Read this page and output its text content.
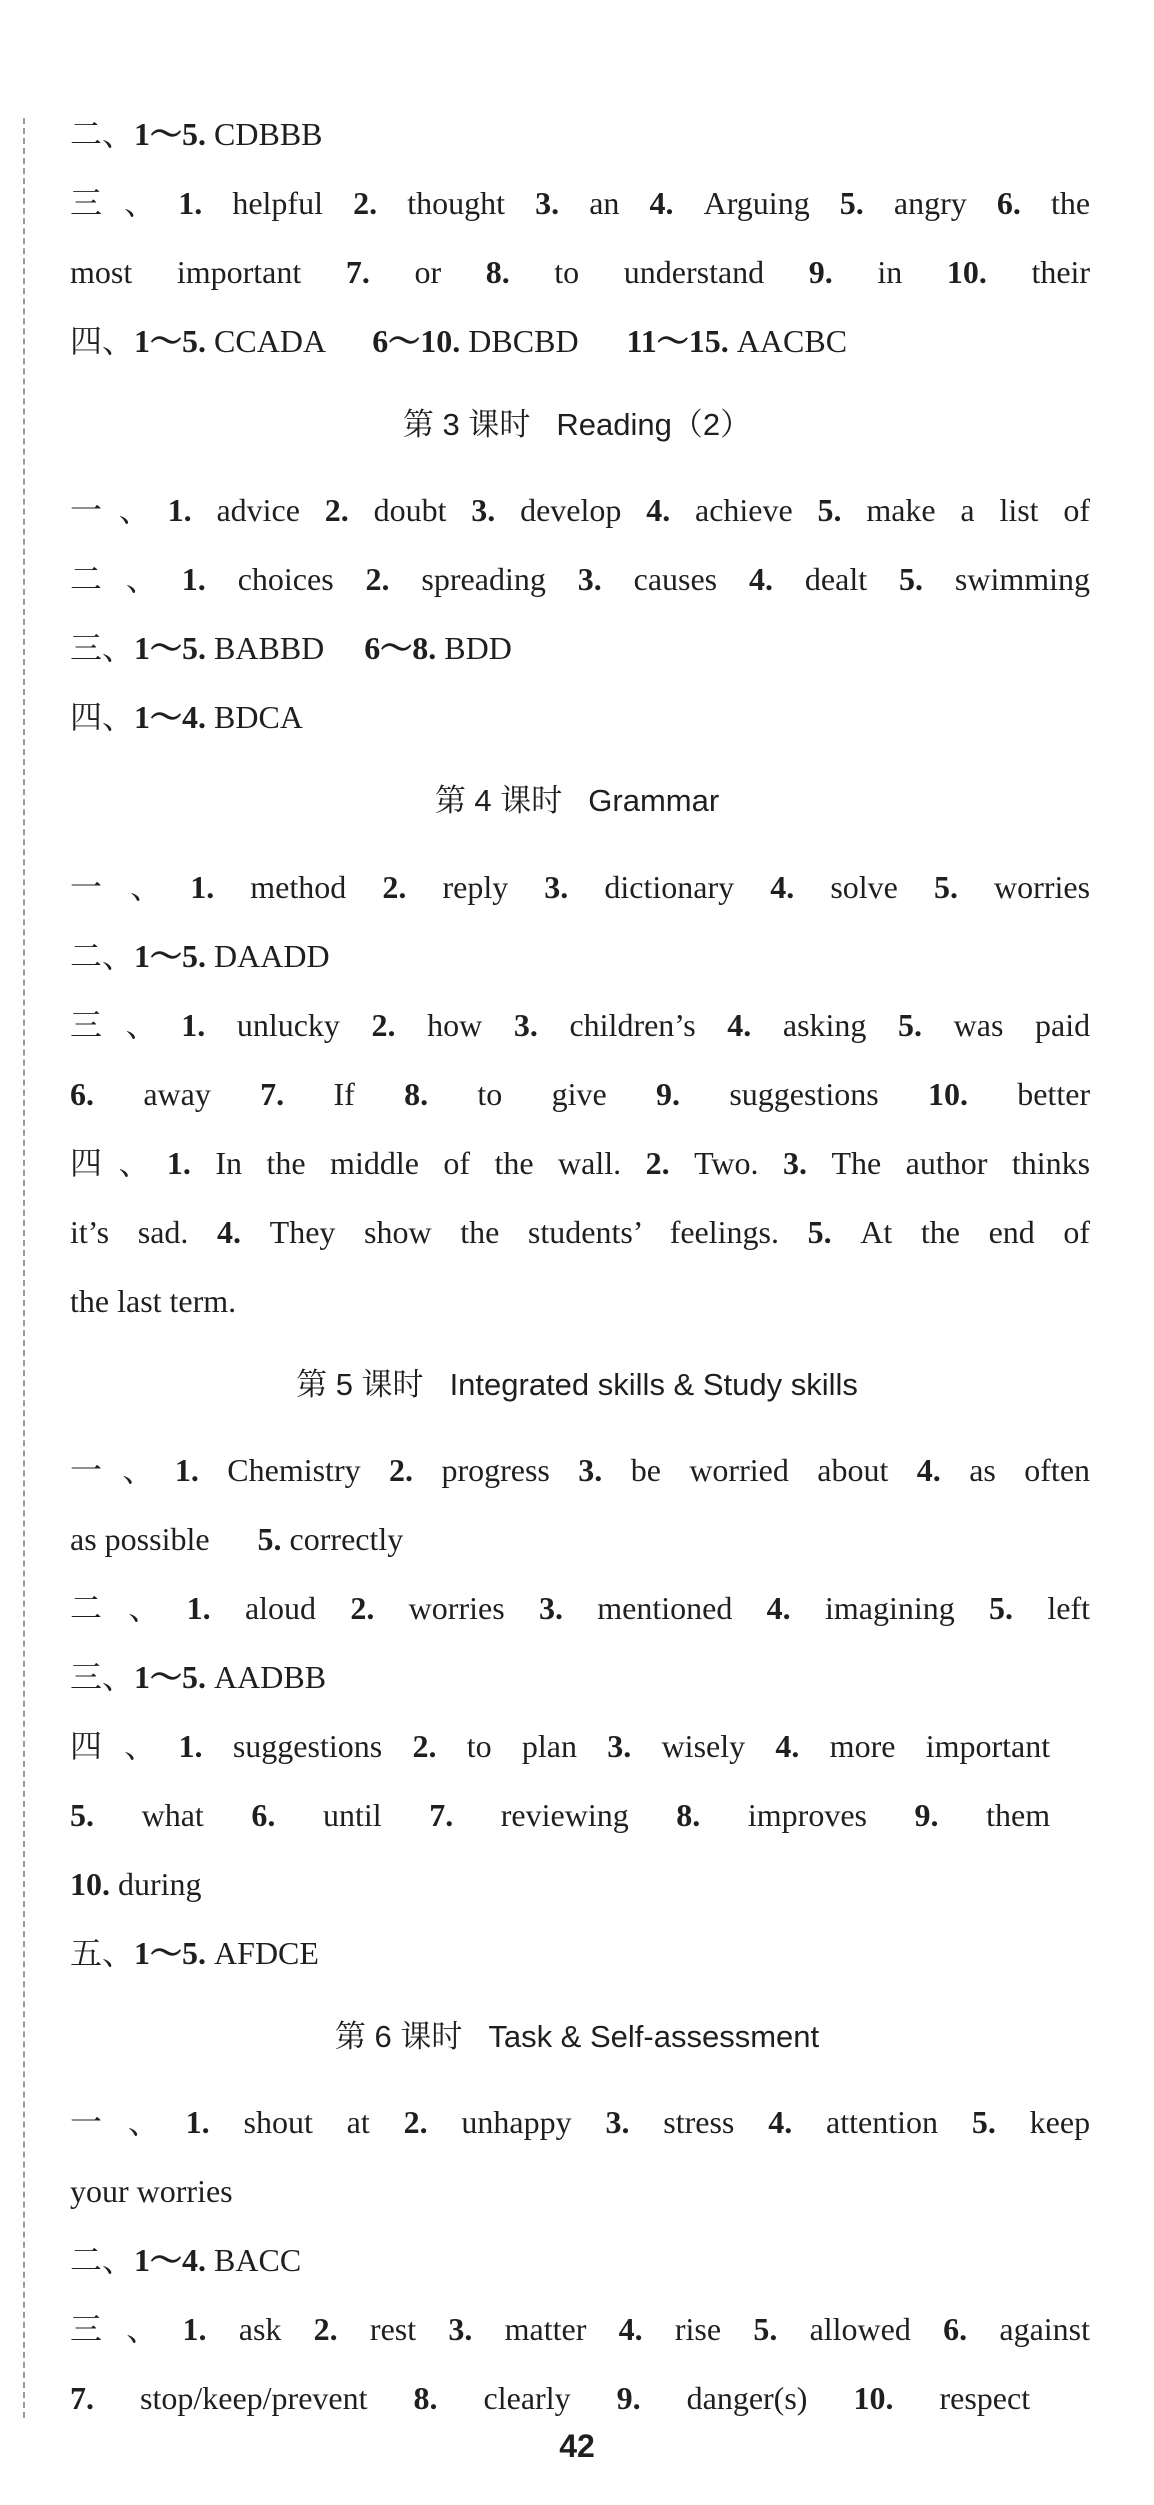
二、1～5. CDBBB
三、1. helpful 2. thought 3. an 4. Arguing 5. angry 6. the
most important 7. or 8. to understand 9. in 10. their
四、1～5. CCADA 6～10. DBCBD 11～15. AACBC
第 3 课时 Reading（2）
一、1. advice 2. doubt 3. develop 4. achieve 5. make a list of
二、1. choices 2. spreading 3. causes 4. dealt 5. swimming
三、1～5. BABBD 6～8. BDD
四、1～4. BDCA
第 4 课时 Grammar
一、1. method 2. reply 3. dictionary 4. solve 5. worries
二、1～5. DAADD
三、1. unlucky 2. how 3. children’s 4. asking 5. was paid
6. away 7. If 8. to give 9. suggestions 10. better
四、1. In the middle of the wall. 2. Two. 3. The author thinks
it’s sad. 4. They show the students’ feelings. 5. At the end of
the last term.
第 5 课时 Integrated skills & Study skills
一、1. Chemistry 2. progress 3. be worried about 4. as often
as possible 5. correctly
二、1. aloud 2. worries 3. mentioned 4. imagining 5. left
三、1～5. AADBB
四、1. suggestions 2. to plan 3. wisely 4. more important
5. what 6. until 7. reviewing 8. improves 9. them
10. during
五、1～5. AFDCE
第 6 课时 Task & Self-assessment
一、1. shout at 2. unhappy 3. stress 4. attention 5. keep
your worries
二、1～4. BACC
三、1. ask 2. rest 3. matter 4. rise 5. allowed 6. against
7. stop/keep/prevent 8. clearly 9. danger(s) 10. respect
42
